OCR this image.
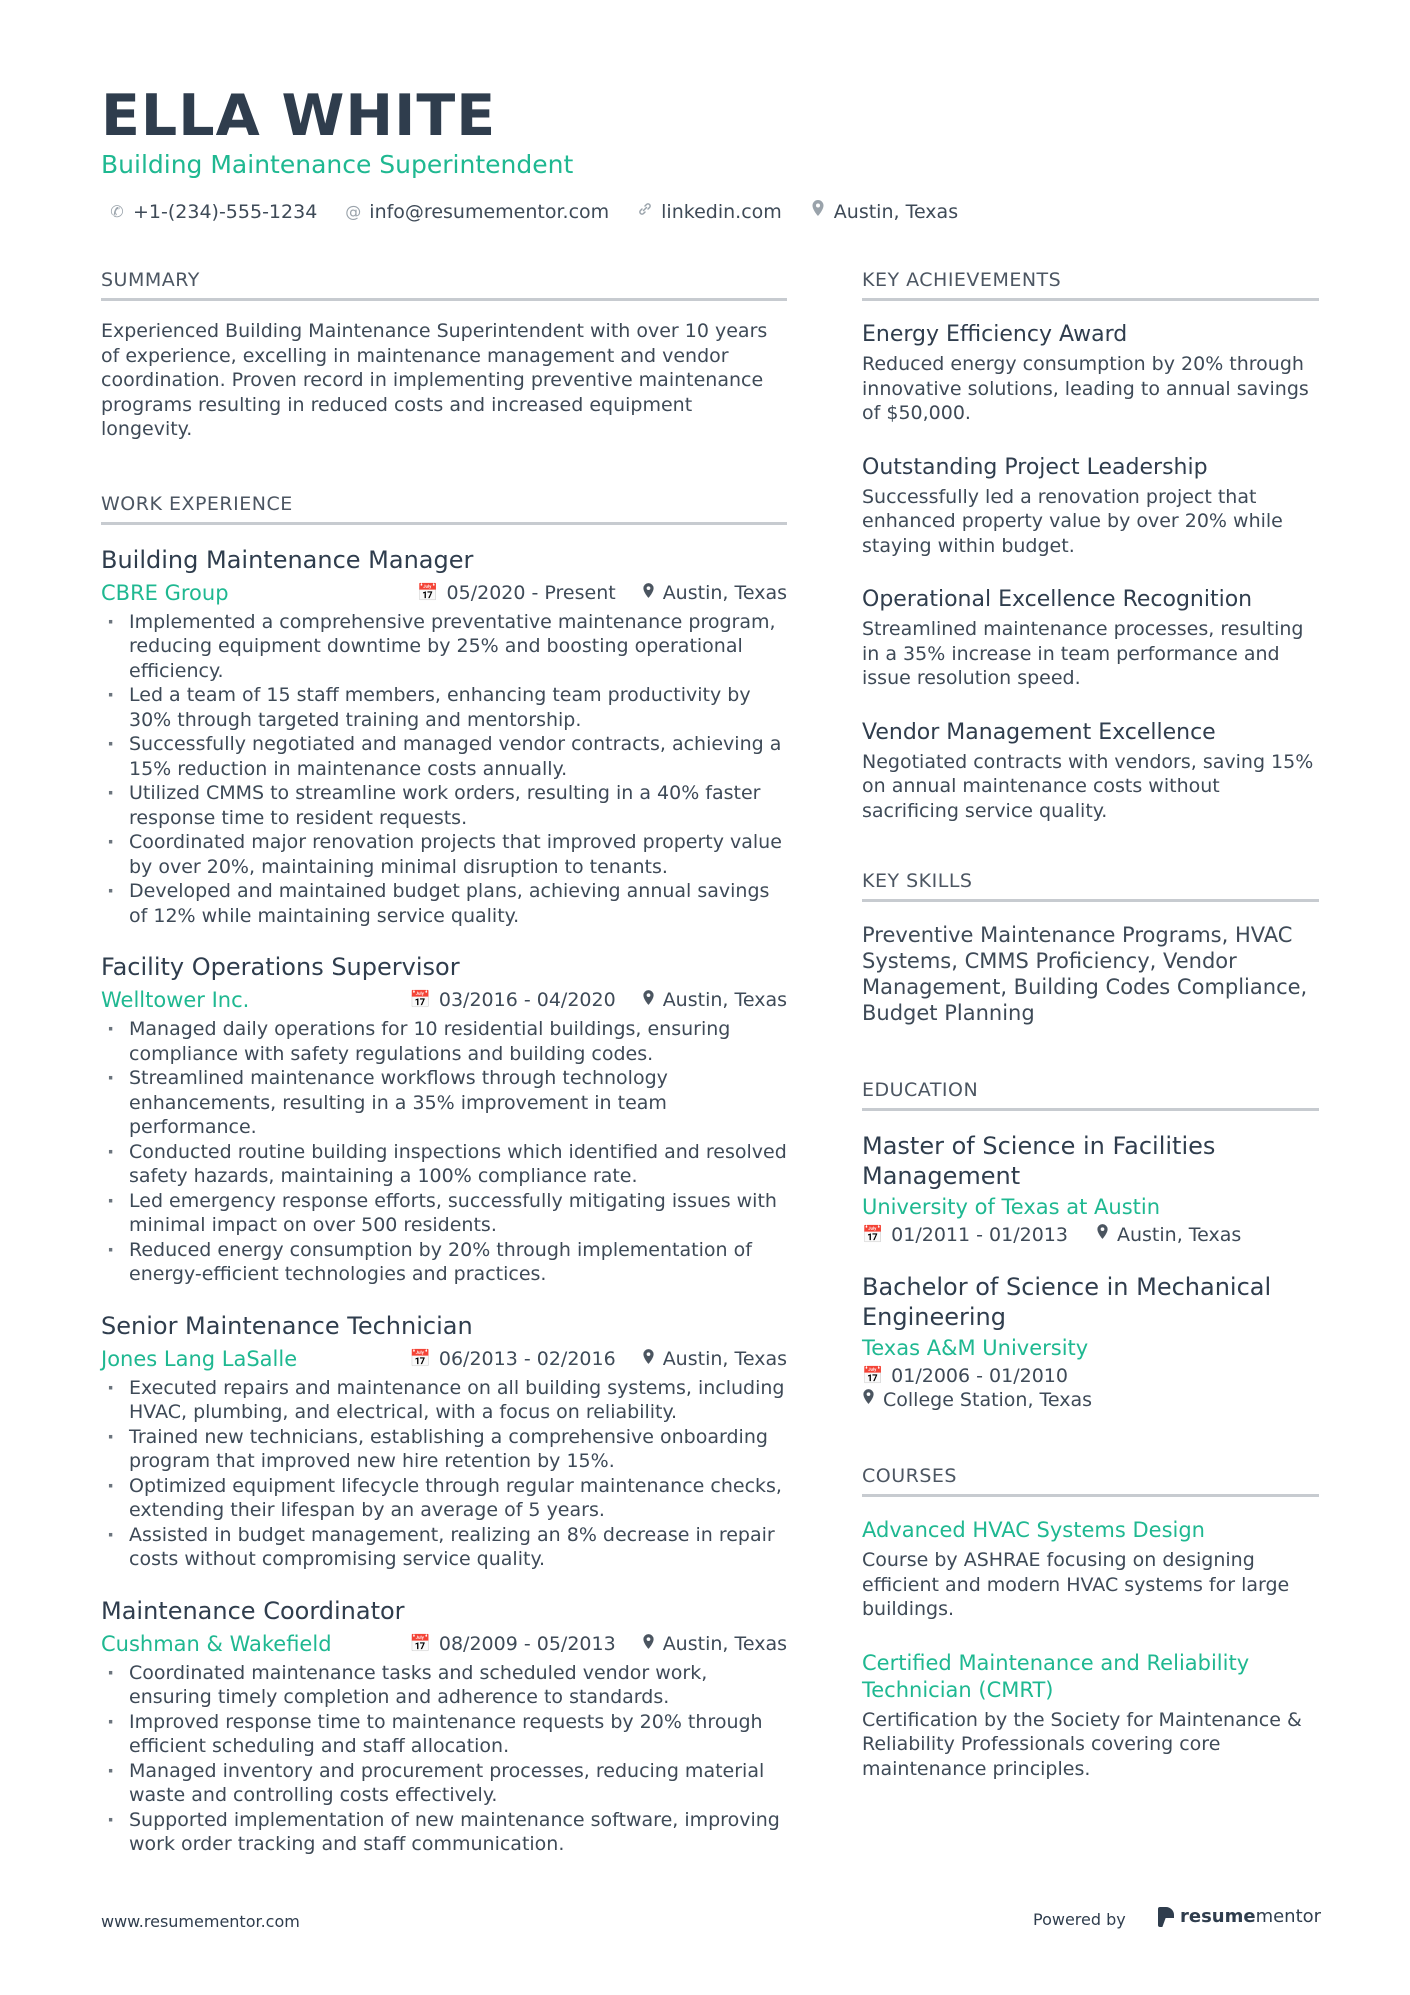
ELLA WHITE
Building Maintenance Superintendent
✆ +1-(234)-555-1234 @ info@resumementor.com	linkedin.com	Austin, Texas
SUMMARY

Experienced Building Maintenance Superintendent with over 10 years of experience, excelling in maintenance management and vendor coordination. Proven record in implementing preventive maintenance programs resulting in reduced costs and increased equipment longevity.

WORK EXPERIENCE
Building Maintenance Manager
CBRE Group	📅 05/2020 - Present Austin, Texas
· Implemented a comprehensive preventative maintenance program, reducing equipment downtime by 25% and boosting operational efficiency.
· Led a team of 15 staff members, enhancing team productivity by 30% through targeted training and mentorship.
· Successfully negotiated and managed vendor contracts, achieving a 15% reduction in maintenance costs annually.
· Utilized CMMS to streamline work orders, resulting in a 40% faster response time to resident requests.
· Coordinated major renovation projects that improved property value by over 20%, maintaining minimal disruption to tenants.
· Developed and maintained budget plans, achieving annual savings of 12% while maintaining service quality.
Facility Operations Supervisor
Welltower Inc.	📅 03/2016 - 04/2020 Austin, Texas
· Managed daily operations for 10 residential buildings, ensuring compliance with safety regulations and building codes.
· Streamlined maintenance workflows through technology enhancements, resulting in a 35% improvement in team performance.
· Conducted routine building inspections which identified and resolved safety hazards, maintaining a 100% compliance rate.
· Led emergency response efforts, successfully mitigating issues with minimal impact on over 500 residents.
· Reduced energy consumption by 20% through implementation of energy-efficient technologies and practices.
Senior Maintenance Technician
Jones Lang LaSalle	📅 06/2013 - 02/2016 Austin, Texas
· Executed repairs and maintenance on all building systems, including HVAC, plumbing, and electrical, with a focus on reliability.
· Trained new technicians, establishing a comprehensive onboarding program that improved new hire retention by 15%.
· Optimized equipment lifecycle through regular maintenance checks, extending their lifespan by an average of 5 years.
· Assisted in budget management, realizing an 8% decrease in repair costs without compromising service quality.
Maintenance Coordinator
Cushman & Wakefield	📅 08/2009 - 05/2013 Austin, Texas
· Coordinated maintenance tasks and scheduled vendor work, ensuring timely completion and adherence to standards.
· Improved response time to maintenance requests by 20% through efficient scheduling and staff allocation.
· Managed inventory and procurement processes, reducing material waste and controlling costs effectively.
· Supported implementation of new maintenance software, improving work order tracking and staff communication.
KEY ACHIEVEMENTS
Energy Efficiency Award
Reduced energy consumption by 20% through innovative solutions, leading to annual savings of $50,000.
Outstanding Project Leadership
Successfully led a renovation project that enhanced property value by over 20% while staying within budget.
Operational Excellence Recognition
Streamlined maintenance processes, resulting in a 35% increase in team performance and issue resolution speed.
Vendor Management Excellence
Negotiated contracts with vendors, saving 15% on annual maintenance costs without sacrificing service quality.
KEY SKILLS

Preventive Maintenance Programs, HVAC Systems, CMMS Proficiency, Vendor Management, Building Codes Compliance, Budget Planning

EDUCATION
Master of Science in Facilities Management
University of Texas at Austin
📅 01/2011 - 01/2013	Austin, Texas
Bachelor of Science in Mechanical Engineering
Texas A&M University
📅 01/2006 - 01/2010
College Station, Texas
COURSES
Advanced HVAC Systems Design
Course by ASHRAE focusing on designing efficient and modern HVAC systems for large buildings.
Certified Maintenance and Reliability Technician (CMRT)
Certification by the Society for Maintenance & Reliability Professionals covering core maintenance principles.
www.resumementor.com	Powered by	resumementor
